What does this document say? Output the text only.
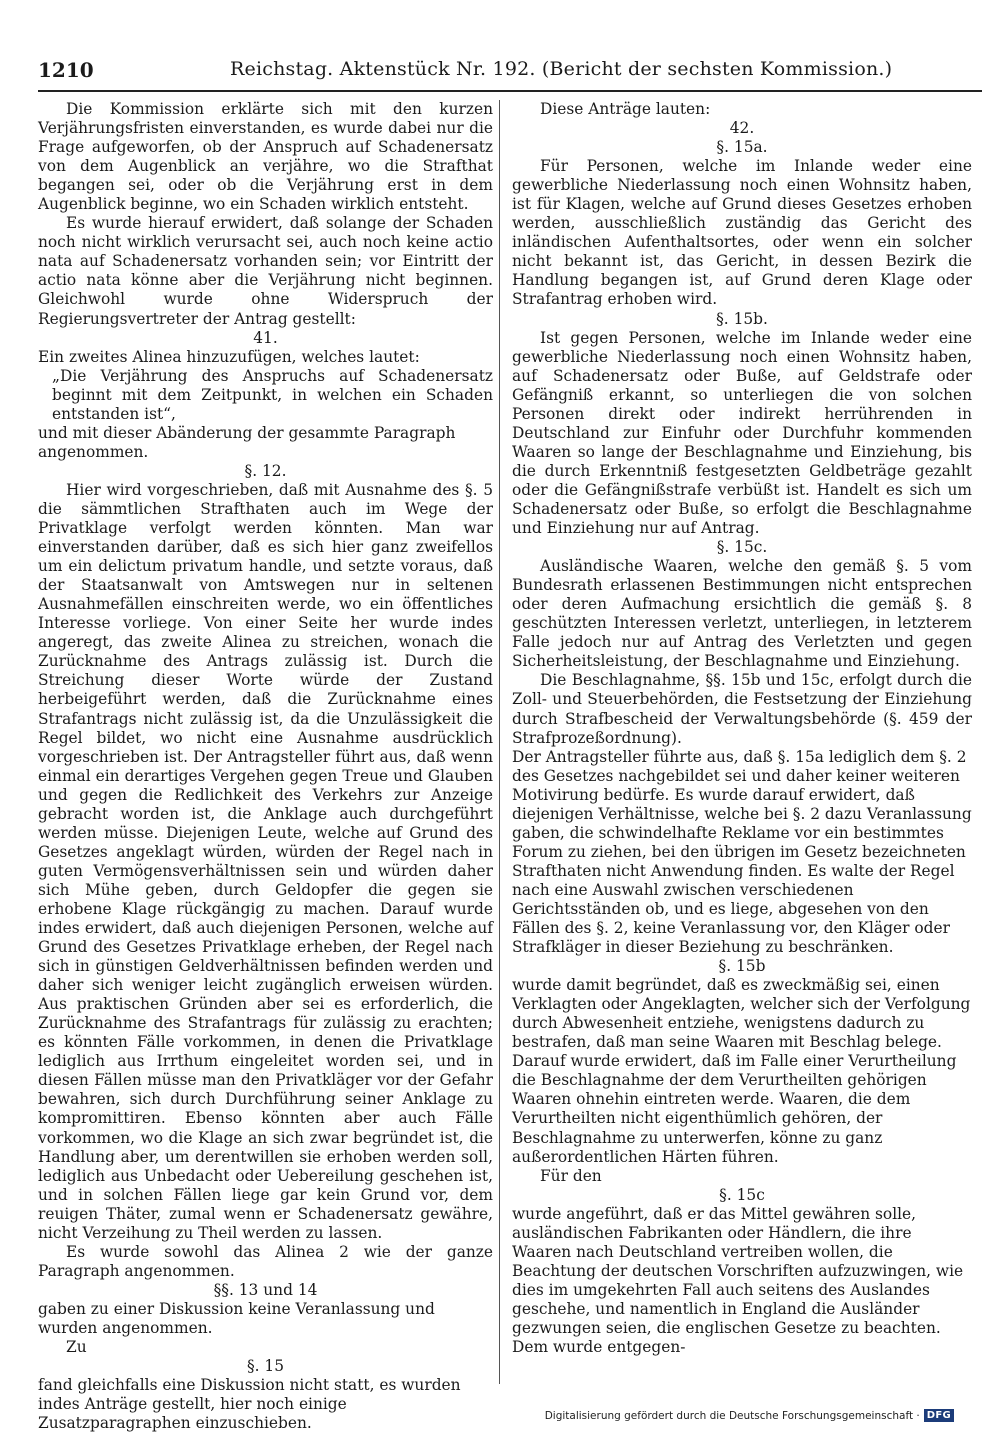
1210	Reichstag. Aktenstück Nr. 192. (Bericht der sechsten Kommission.)

Die Kommission erklärte sich mit den kurzen Verjährungsfristen einverstanden, es wurde dabei nur die Frage aufgeworfen, ob der Anspruch auf Schadenersatz von dem Augenblick an verjähre, wo die Strafthat begangen sei, oder ob die Verjährung erst in dem Augenblick beginne, wo ein Schaden wirklich entsteht.

Es wurde hierauf erwidert, daß solange der Schaden noch nicht wirklich verursacht sei, auch noch keine actio nata auf Schadenersatz vorhanden sein; vor Eintritt der actio nata könne aber die Verjährung nicht beginnen. Gleichwohl wurde ohne Widerspruch der Regierungsvertreter der Antrag gestellt:

41.

Ein zweites Alinea hinzuzufügen, welches lautet:

„Die Verjährung des Anspruchs auf Schadenersatz beginnt mit dem Zeitpunkt, in welchen ein Schaden entstanden ist“,

und mit dieser Abänderung der gesammte Paragraph angenommen.

§. 12.

Hier wird vorgeschrieben, daß mit Ausnahme des §. 5 die sämmtlichen Strafthaten auch im Wege der Privatklage verfolgt werden könnten. Man war einverstanden darüber, daß es sich hier ganz zweifellos um ein delictum privatum handle, und setzte voraus, daß der Staatsanwalt von Amtswegen nur in seltenen Ausnahmefällen einschreiten werde, wo ein öffentliches Interesse vorliege. Von einer Seite her wurde indes angeregt, das zweite Alinea zu streichen, wonach die Zurücknahme des Antrags zulässig ist. Durch die Streichung dieser Worte würde der Zustand herbeigeführt werden, daß die Zurücknahme eines Strafantrags nicht zulässig ist, da die Unzulässigkeit die Regel bildet, wo nicht eine Ausnahme ausdrücklich vorgeschrieben ist. Der Antragsteller führt aus, daß wenn einmal ein derartiges Vergehen gegen Treue und Glauben und gegen die Redlichkeit des Verkehrs zur Anzeige gebracht worden ist, die Anklage auch durchgeführt werden müsse. Diejenigen Leute, welche auf Grund des Gesetzes angeklagt würden, würden der Regel nach in guten Vermögensverhältnissen sein und würden daher sich Mühe geben, durch Geldopfer die gegen sie erhobene Klage rückgängig zu machen. Darauf wurde indes erwidert, daß auch diejenigen Personen, welche auf Grund des Gesetzes Privatklage erheben, der Regel nach sich in günstigen Geldverhältnissen befinden werden und daher sich weniger leicht zugänglich erweisen würden. Aus praktischen Gründen aber sei es erforderlich, die Zurücknahme des Strafantrags für zulässig zu erachten; es könnten Fälle vorkommen, in denen die Privatklage lediglich aus Irrthum eingeleitet worden sei, und in diesen Fällen müsse man den Privatkläger vor der Gefahr bewahren, sich durch Durchführung seiner Anklage zu kompromittiren. Ebenso könnten aber auch Fälle vorkommen, wo die Klage an sich zwar begründet ist, die Handlung aber, um derentwillen sie erhoben werden soll, lediglich aus Unbedacht oder Uebereilung geschehen ist, und in solchen Fällen liege gar kein Grund vor, dem reuigen Thäter, zumal wenn er Schadenersatz gewähre, nicht Verzeihung zu Theil werden zu lassen.

Es wurde sowohl das Alinea 2 wie der ganze Paragraph angenommen.

§§. 13 und 14

gaben zu einer Diskussion keine Veranlassung und wurden angenommen.

Zu

§. 15

fand gleichfalls eine Diskussion nicht statt, es wurden indes Anträge gestellt, hier noch einige Zusatzparagraphen einzuschieben.

Diese Anträge lauten:

42.

§. 15a.

Für Personen, welche im Inlande weder eine gewerbliche Niederlassung noch einen Wohnsitz haben, ist für Klagen, welche auf Grund dieses Gesetzes erhoben werden, ausschließlich zuständig das Gericht des inländischen Aufenthaltsortes, oder wenn ein solcher nicht bekannt ist, das Gericht, in dessen Bezirk die Handlung begangen ist, auf Grund deren Klage oder Strafantrag erhoben wird.

§. 15b.

Ist gegen Personen, welche im Inlande weder eine gewerbliche Niederlassung noch einen Wohnsitz haben, auf Schadenersatz oder Buße, auf Geldstrafe oder Gefängniß erkannt, so unterliegen die von solchen Personen direkt oder indirekt herrührenden in Deutschland zur Einfuhr oder Durchfuhr kommenden Waaren so lange der Beschlagnahme und Einziehung, bis die durch Erkenntniß festgesetzten Geldbeträge gezahlt oder die Gefängnißstrafe verbüßt ist. Handelt es sich um Schadenersatz oder Buße, so erfolgt die Beschlagnahme und Einziehung nur auf Antrag.

§. 15c.

Ausländische Waaren, welche den gemäß §. 5 vom Bundesrath erlassenen Bestimmungen nicht entsprechen oder deren Aufmachung ersichtlich die gemäß §. 8 geschützten Interessen verletzt, unterliegen, in letzterem Falle jedoch nur auf Antrag des Verletzten und gegen Sicherheitsleistung, der Beschlagnahme und Einziehung.

Die Beschlagnahme, §§. 15b und 15c, erfolgt durch die Zoll- und Steuerbehörden, die Festsetzung der Einziehung durch Strafbescheid der Verwaltungsbehörde (§. 459 der Strafprozeßordnung).

Der Antragsteller führte aus, daß §. 15a lediglich dem §. 2 des Gesetzes nachgebildet sei und daher keiner weiteren Motivirung bedürfe. Es wurde darauf erwidert, daß diejenigen Verhältnisse, welche bei §. 2 dazu Veranlassung gaben, die schwindelhafte Reklame vor ein bestimmtes Forum zu ziehen, bei den übrigen im Gesetz bezeichneten Strafthaten nicht Anwendung finden. Es walte der Regel nach eine Auswahl zwischen verschiedenen Gerichtsständen ob, und es liege, abgesehen von den Fällen des §. 2, keine Veranlassung vor, den Kläger oder Strafkläger in dieser Beziehung zu beschränken.

§. 15b

wurde damit begründet, daß es zweckmäßig sei, einen Verklagten oder Angeklagten, welcher sich der Verfolgung durch Abwesenheit entziehe, wenigstens dadurch zu bestrafen, daß man seine Waaren mit Beschlag belege. Darauf wurde erwidert, daß im Falle einer Verurtheilung die Beschlagnahme der dem Verurtheilten gehörigen Waaren ohnehin eintreten werde. Waaren, die dem Verurtheilten nicht eigenthümlich gehören, der Beschlagnahme zu unterwerfen, könne zu ganz außerordentlichen Härten führen.

Für den

§. 15c

wurde angeführt, daß er das Mittel gewähren solle, ausländischen Fabrikanten oder Händlern, die ihre Waaren nach Deutschland vertreiben wollen, die Beachtung der deutschen Vorschriften aufzuzwingen, wie dies im umgekehrten Fall auch seitens des Auslandes geschehe, und namentlich in England die Ausländer gezwungen seien, die englischen Gesetze zu beachten. Dem wurde entgegen-

Digitalisierung gefördert durch die Deutsche Forschungsgemeinschaft · DFG
